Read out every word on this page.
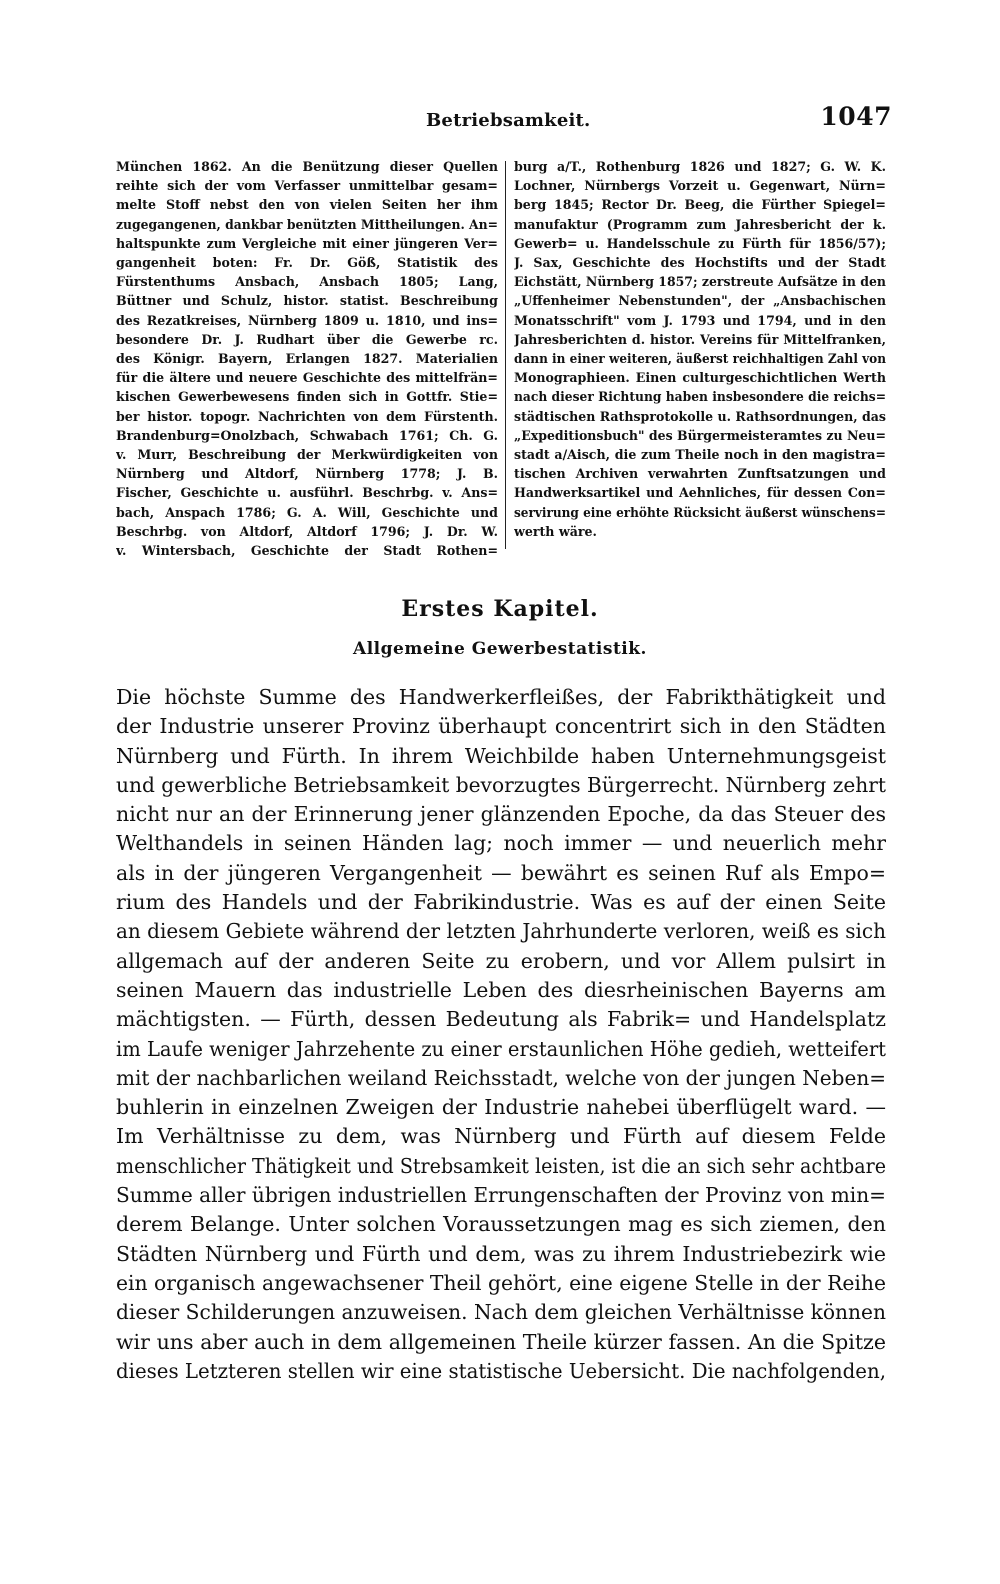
Betriebsamkeit.	1047
München 1862. An die Benützung dieser Quellen
reihte sich der vom Verfasser unmittelbar gesam=
melte Stoff nebst den von vielen Seiten her ihm
zugegangenen, dankbar benützten Mittheilungen. An=
haltspunkte zum Vergleiche mit einer jüngeren Ver=
gangenheit boten: Fr. Dr. Göß, Statistik des
Fürstenthums Ansbach, Ansbach 1805; Lang,
Büttner und Schulz, histor. statist. Beschreibung
des Rezatkreises, Nürnberg 1809 u. 1810, und ins=
besondere Dr. J. Rudhart über die Gewerbe rc.
des Königr. Bayern, Erlangen 1827. Materialien
für die ältere und neuere Geschichte des mittelfrän=
kischen Gewerbewesens finden sich in Gottfr. Stie=
ber histor. topogr. Nachrichten von dem Fürstenth.
Brandenburg=Onolzbach, Schwabach 1761; Ch. G.
v. Murr, Beschreibung der Merkwürdigkeiten von
Nürnberg und Altdorf, Nürnberg 1778; J. B.
Fischer, Geschichte u. ausführl. Beschrbg. v. Ans=
bach, Anspach 1786; G. A. Will, Geschichte und
Beschrbg. von Altdorf, Altdorf 1796; J. Dr. W.
v. Wintersbach, Geschichte der Stadt Rothen=
burg a/T., Rothenburg 1826 und 1827; G. W. K.
Lochner, Nürnbergs Vorzeit u. Gegenwart, Nürn=
berg 1845; Rector Dr. Beeg, die Fürther Spiegel=
manufaktur (Programm zum Jahresbericht der k.
Gewerb= u. Handelsschule zu Fürth für 1856/57);
J. Sax, Geschichte des Hochstifts und der Stadt
Eichstätt, Nürnberg 1857; zerstreute Aufsätze in den
„Uffenheimer Nebenstunden", der „Ansbachischen
Monatsschrift" vom J. 1793 und 1794, und in den
Jahresberichten d. histor. Vereins für Mittelfranken,
dann in einer weiteren, äußerst reichhaltigen Zahl von
Monographieen. Einen culturgeschichtlichen Werth
nach dieser Richtung haben insbesondere die reichs=
städtischen Rathsprotokolle u. Rathsordnungen, das
„Expeditionsbuch" des Bürgermeisteramtes zu Neu=
stadt a/Aisch, die zum Theile noch in den magistra=
tischen Archiven verwahrten Zunftsatzungen und
Handwerksartikel und Aehnliches, für dessen Con=
servirung eine erhöhte Rücksicht äußerst wünschens=
werth wäre.
Erstes Kapitel.
Allgemeine Gewerbestatistik.
Die höchste Summe des Handwerkerfleißes, der Fabrikthätigkeit und
der Industrie unserer Provinz überhaupt concentrirt sich in den Städten
Nürnberg und Fürth. In ihrem Weichbilde haben Unternehmungsgeist
und gewerbliche Betriebsamkeit bevorzugtes Bürgerrecht. Nürnberg zehrt
nicht nur an der Erinnerung jener glänzenden Epoche, da das Steuer des
Welthandels in seinen Händen lag; noch immer — und neuerlich mehr
als in der jüngeren Vergangenheit — bewährt es seinen Ruf als Empo=
rium des Handels und der Fabrikindustrie. Was es auf der einen Seite
an diesem Gebiete während der letzten Jahrhunderte verloren, weiß es sich
allgemach auf der anderen Seite zu erobern, und vor Allem pulsirt in
seinen Mauern das industrielle Leben des diesrheinischen Bayerns am
mächtigsten. — Fürth, dessen Bedeutung als Fabrik= und Handelsplatz
im Laufe weniger Jahrzehente zu einer erstaunlichen Höhe gedieh, wetteifert
mit der nachbarlichen weiland Reichsstadt, welche von der jungen Neben=
buhlerin in einzelnen Zweigen der Industrie nahebei überflügelt ward. —
Im Verhältnisse zu dem, was Nürnberg und Fürth auf diesem Felde
menschlicher Thätigkeit und Strebsamkeit leisten, ist die an sich sehr achtbare
Summe aller übrigen industriellen Errungenschaften der Provinz von min=
derem Belange. Unter solchen Voraussetzungen mag es sich ziemen, den
Städten Nürnberg und Fürth und dem, was zu ihrem Industriebezirk wie
ein organisch angewachsener Theil gehört, eine eigene Stelle in der Reihe
dieser Schilderungen anzuweisen. Nach dem gleichen Verhältnisse können
wir uns aber auch in dem allgemeinen Theile kürzer fassen. An die Spitze
dieses Letzteren stellen wir eine statistische Uebersicht. Die nachfolgenden,
